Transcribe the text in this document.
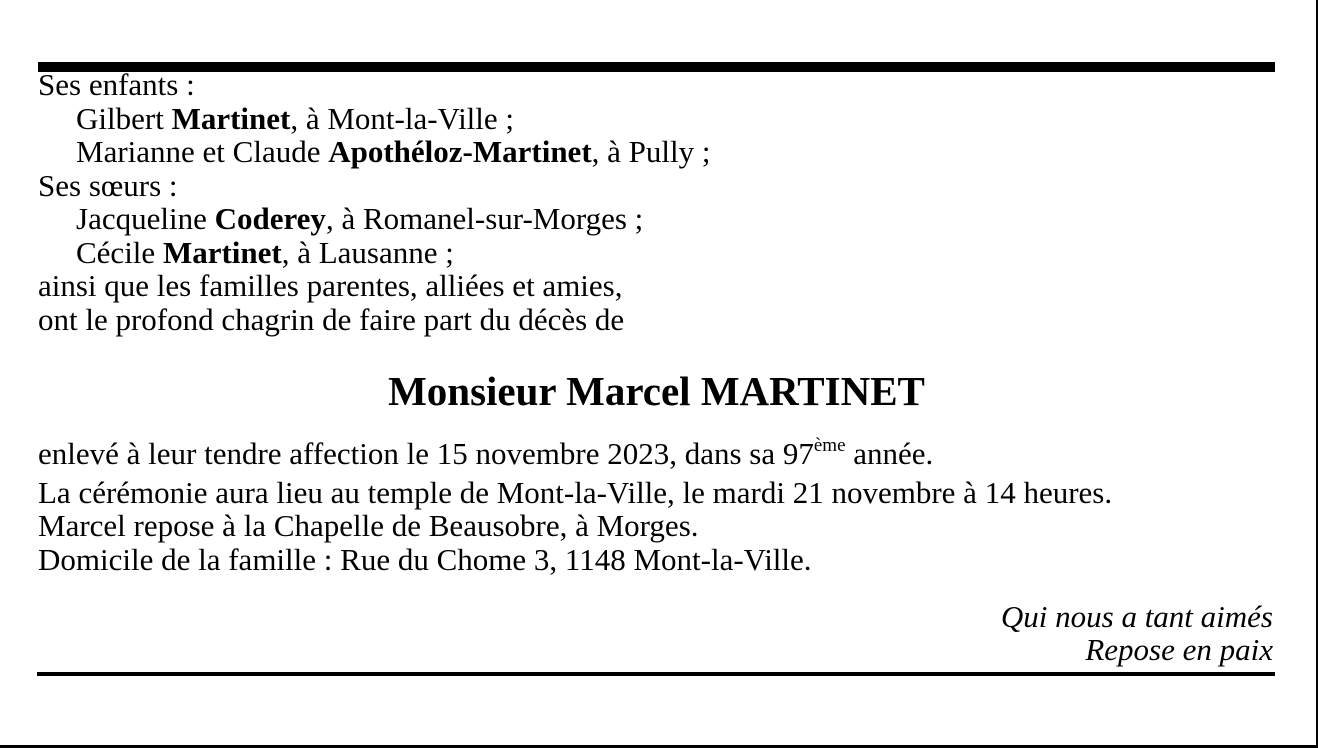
Ses enfants :
Gilbert Martinet, à Mont-la-Ville ;
Marianne et Claude Apothéloz-Martinet, à Pully ;
Ses sœurs :
Jacqueline Coderey, à Romanel-sur-Morges ;
Cécile Martinet, à Lausanne ;
ainsi que les familles parentes, alliées et amies,
ont le profond chagrin de faire part du décès de
Monsieur Marcel MARTINET
enlevé à leur tendre affection le 15 novembre 2023, dans sa 97ème année.
La cérémonie aura lieu au temple de Mont-la-Ville, le mardi 21 novembre à 14 heures.
Marcel repose à la Chapelle de Beausobre, à Morges.
Domicile de la famille : Rue du Chome 3, 1148 Mont-la-Ville.
Qui nous a tant aimés
Repose en paix
